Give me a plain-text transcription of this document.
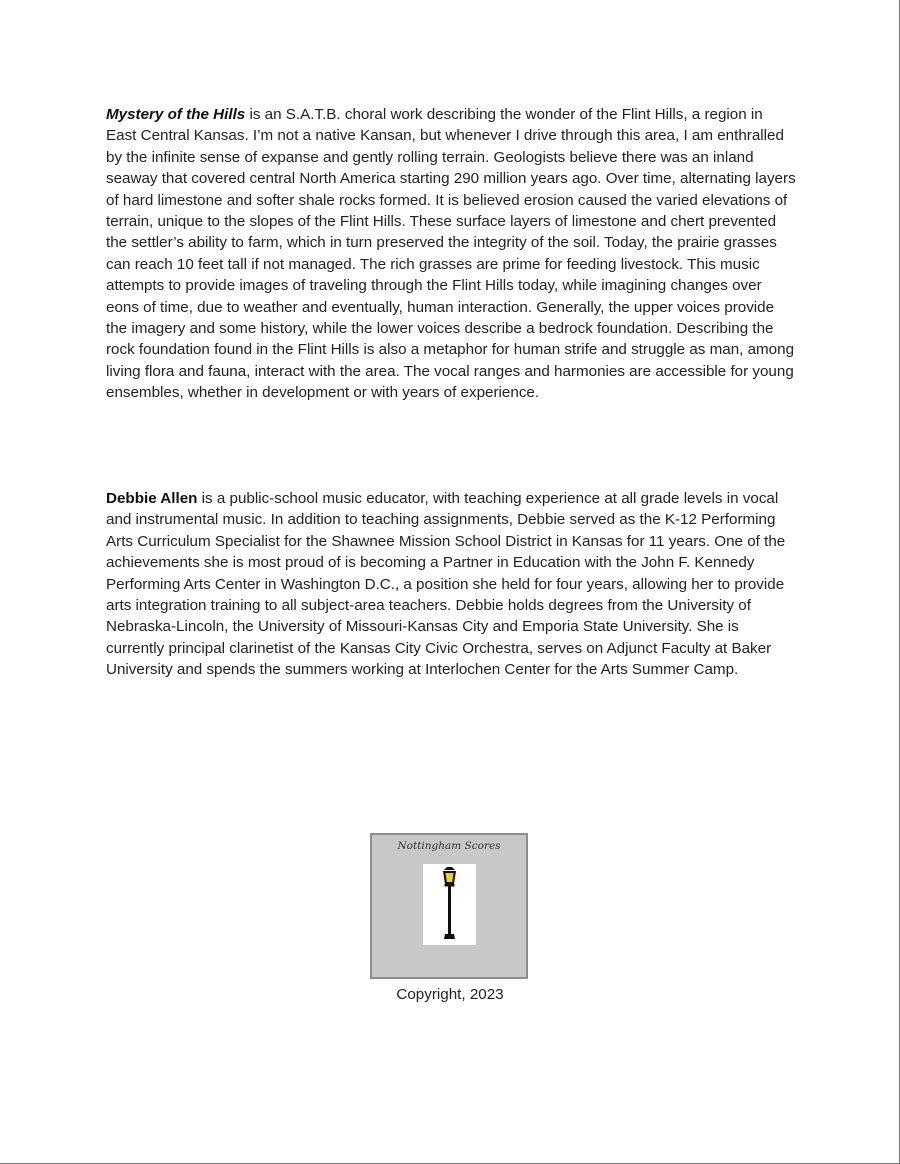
Mystery of the Hills is an S.A.T.B. choral work describing the wonder of the Flint Hills, a region in East Central Kansas. I’m not a native Kansan, but whenever I drive through this area, I am enthralled by the infinite sense of expanse and gently rolling terrain. Geologists believe there was an inland seaway that covered central North America starting 290 million years ago. Over time, alternating layers of hard limestone and softer shale rocks formed. It is believed erosion caused the varied elevations of terrain, unique to the slopes of the Flint Hills. These surface layers of limestone and chert prevented the settler’s ability to farm, which in turn preserved the integrity of the soil. Today, the prairie grasses can reach 10 feet tall if not managed. The rich grasses are prime for feeding livestock. This music attempts to provide images of traveling through the Flint Hills today, while imagining changes over eons of time, due to weather and eventually, human interaction. Generally, the upper voices provide the imagery and some history, while the lower voices describe a bedrock foundation. Describing the rock foundation found in the Flint Hills is also a metaphor for human strife and struggle as man, among living flora and fauna, interact with the area. The vocal ranges and harmonies are accessible for young ensembles, whether in development or with years of experience.

Debbie Allen is a public-school music educator, with teaching experience at all grade levels in vocal and instrumental music. In addition to teaching assignments, Debbie served as the K-12 Performing Arts Curriculum Specialist for the Shawnee Mission School District in Kansas for 11 years. One of the achievements she is most proud of is becoming a Partner in Education with the John F. Kennedy Performing Arts Center in Washington D.C., a position she held for four years, allowing her to provide arts integration training to all subject-area teachers. Debbie holds degrees from the University of Nebraska-Lincoln, the University of Missouri-Kansas City and Emporia State University. She is currently principal clarinetist of the Kansas City Civic Orchestra, serves on Adjunct Faculty at Baker University and spends the summers working at Interlochen Center for the Arts Summer Camp.

Nottingham Scores

Copyright, 2023
